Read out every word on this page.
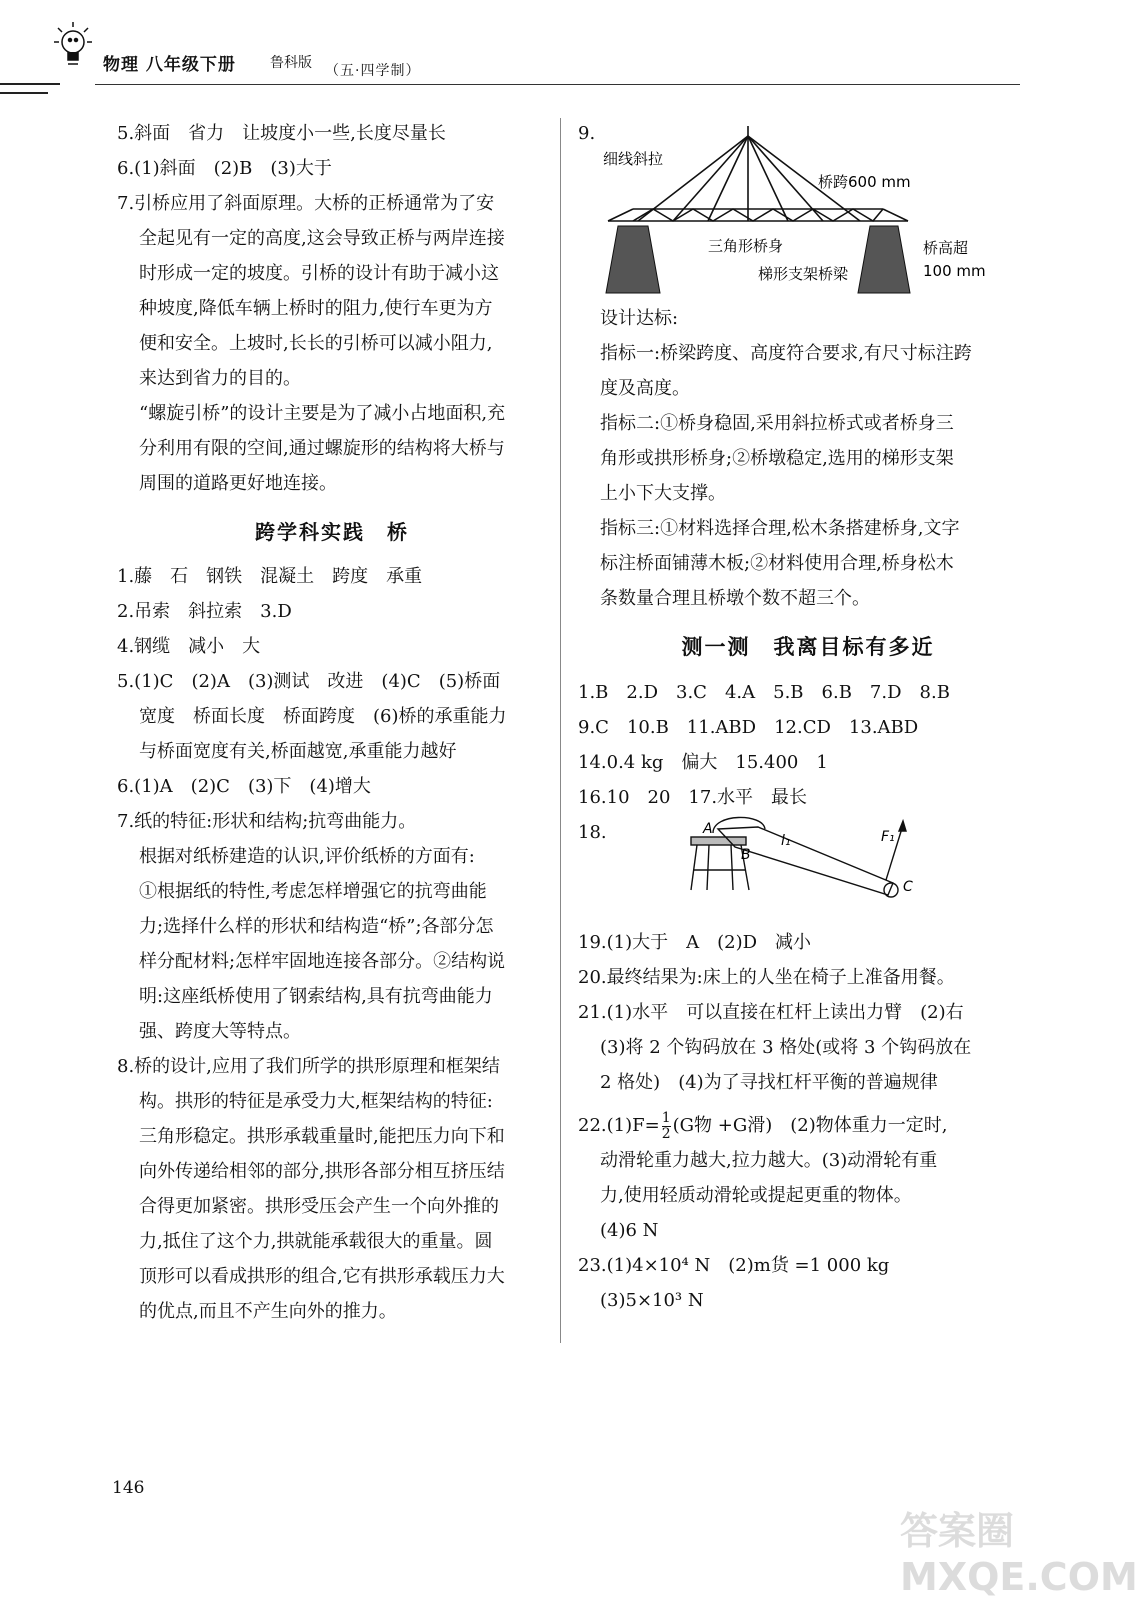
物理 八年级下册 鲁科版 （五·四学制）
5.斜面　省力　让坡度小一些,长度尽量长
6.(1)斜面　(2)B　(3)大于
7.引桥应用了斜面原理。大桥的正桥通常为了安
全起见有一定的高度,这会导致正桥与两岸连接
时形成一定的坡度。引桥的设计有助于减小这
种坡度,降低车辆上桥时的阻力,使行车更为方
便和安全。上坡时,长长的引桥可以减小阻力,
来达到省力的目的。
“螺旋引桥”的设计主要是为了减小占地面积,充
分利用有限的空间,通过螺旋形的结构将大桥与
周围的道路更好地连接。
跨学科实践　桥
1.藤　石　钢铁　混凝土　跨度　承重
2.吊索　斜拉索　3.D
4.钢缆　减小　大
5.(1)C　(2)A　(3)测试　改进　(4)C　(5)桥面
宽度　桥面长度　桥面跨度　(6)桥的承重能力
与桥面宽度有关,桥面越宽,承重能力越好
6.(1)A　(2)C　(3)下　(4)增大
7.纸的特征:形状和结构;抗弯曲能力。
根据对纸桥建造的认识,评价纸桥的方面有:
①根据纸的特性,考虑怎样增强它的抗弯曲能
力;选择什么样的形状和结构造“桥”;各部分怎
样分配材料;怎样牢固地连接各部分。②结构说
明:这座纸桥使用了钢索结构,具有抗弯曲能力
强、跨度大等特点。
8.桥的设计,应用了我们所学的拱形原理和框架结
构。拱形的特征是承受力大,框架结构的特征:
三角形稳定。拱形承载重量时,能把压力向下和
向外传递给相邻的部分,拱形各部分相互挤压结
合得更加紧密。拱形受压会产生一个向外推的
力,抵住了这个力,拱就能承载很大的重量。圆
顶形可以看成拱形的组合,它有拱形承载压力大
的优点,而且不产生向外的推力。
9.
细线斜拉
桥跨600 mm
三角形桥身
梯形支架桥梁
桥高超
100 mm
设计达标:
指标一:桥梁跨度、高度符合要求,有尺寸标注跨
度及高度。
指标二:①桥身稳固,采用斜拉桥式或者桥身三
角形或拱形桥身;②桥墩稳定,选用的梯形支架
上小下大支撑。
指标三:①材料选择合理,松木条搭建桥身,文字
标注桥面铺薄木板;②材料使用合理,桥身松木
条数量合理且桥墩个数不超三个。
测一测　我离目标有多近
1.B　2.D　3.C　4.A　5.B　6.B　7.D　8.B
9.C　10.B　11.ABD　12.CD　13.ABD
14.0.4 kg　偏大　15.400　1
16.10　20　17.水平　最长
18.	A
B
C
l₁	F₁
19.(1)大于　A　(2)D　减小
20.最终结果为:床上的人坐在椅子上准备用餐。
21.(1)水平　可以直接在杠杆上读出力臂　(2)右
(3)将 2 个钩码放在 3 格处(或将 3 个钩码放在
2 格处)　(4)为了寻找杠杆平衡的普遍规律
$22.(1)F= \frac{1}{2} (G$物 +G滑)　(2)物体重力一定时,
动滑轮重力越大,拉力越大。(3)动滑轮有重
力,使用轻质动滑轮或提起更重的物体。
(4)6 N
23.(1)4×10⁴ N　(2)m货 =1 000 kg
(3)5×10³ N
146
答案圈 MXQE.COM
